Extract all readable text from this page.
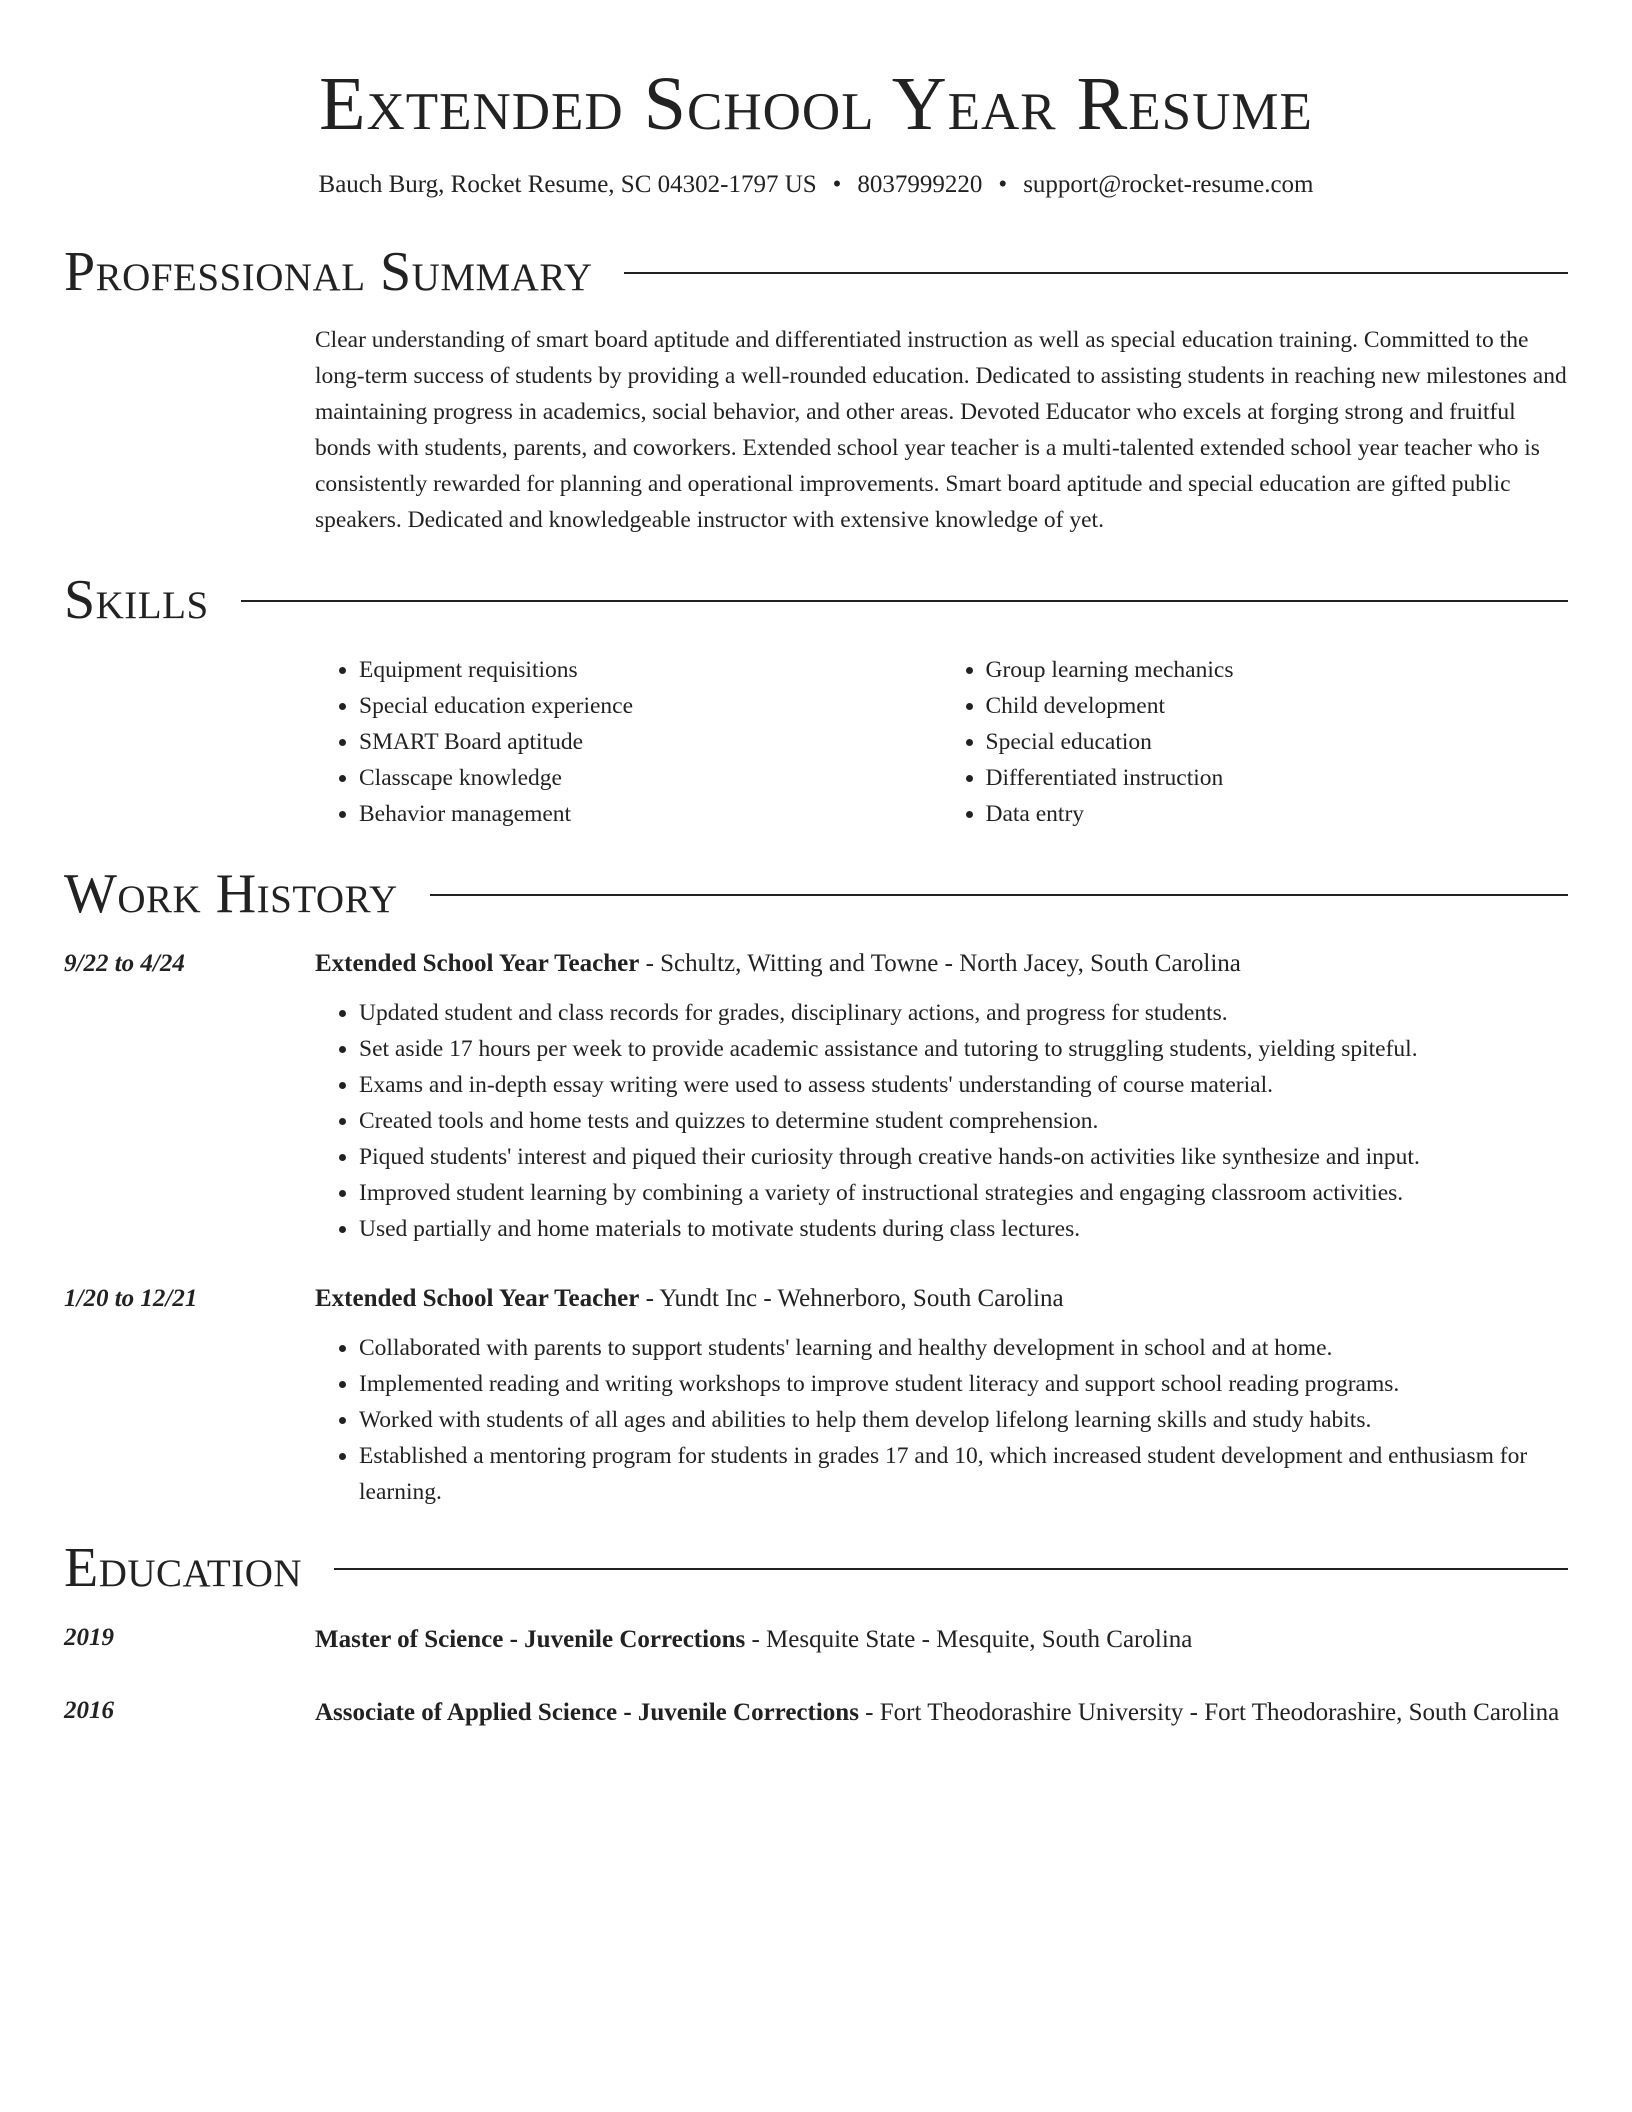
Extended School Year Resume
Bauch Burg, Rocket Resume, SC 04302-1797 US • 8037999220 • support@rocket-resume.com
Professional Summary
Clear understanding of smart board aptitude and differentiated instruction as well as special education training. Committed to the long-term success of students by providing a well-rounded education. Dedicated to assisting students in reaching new milestones and maintaining progress in academics, social behavior, and other areas. Devoted Educator who excels at forging strong and fruitful bonds with students, parents, and coworkers. Extended school year teacher is a multi-talented extended school year teacher who is consistently rewarded for planning and operational improvements. Smart board aptitude and special education are gifted public speakers. Dedicated and knowledgeable instructor with extensive knowledge of yet.
Skills
• Equipment requisitions
• Special education experience
• SMART Board aptitude
• Classcape knowledge
• Behavior management
• Group learning mechanics
• Child development
• Special education
• Differentiated instruction
• Data entry
Work History
9/22 to 4/24	Extended School Year Teacher - Schultz, Witting and Towne - North Jacey, South Carolina
• Updated student and class records for grades, disciplinary actions, and progress for students.
• Set aside 17 hours per week to provide academic assistance and tutoring to struggling students, yielding spiteful.
• Exams and in-depth essay writing were used to assess students' understanding of course material.
• Created tools and home tests and quizzes to determine student comprehension.
• Piqued students' interest and piqued their curiosity through creative hands-on activities like synthesize and input.
• Improved student learning by combining a variety of instructional strategies and engaging classroom activities.
• Used partially and home materials to motivate students during class lectures.
1/20 to 12/21	Extended School Year Teacher - Yundt Inc - Wehnerboro, South Carolina
• Collaborated with parents to support students' learning and healthy development in school and at home.
• Implemented reading and writing workshops to improve student literacy and support school reading programs.
• Worked with students of all ages and abilities to help them develop lifelong learning skills and study habits.
• Established a mentoring program for students in grades 17 and 10, which increased student development and enthusiasm for learning.
Education
2019	Master of Science - Juvenile Corrections - Mesquite State - Mesquite, South Carolina
2016	Associate of Applied Science - Juvenile Corrections - Fort Theodorashire University - Fort Theodorashire, South Carolina
